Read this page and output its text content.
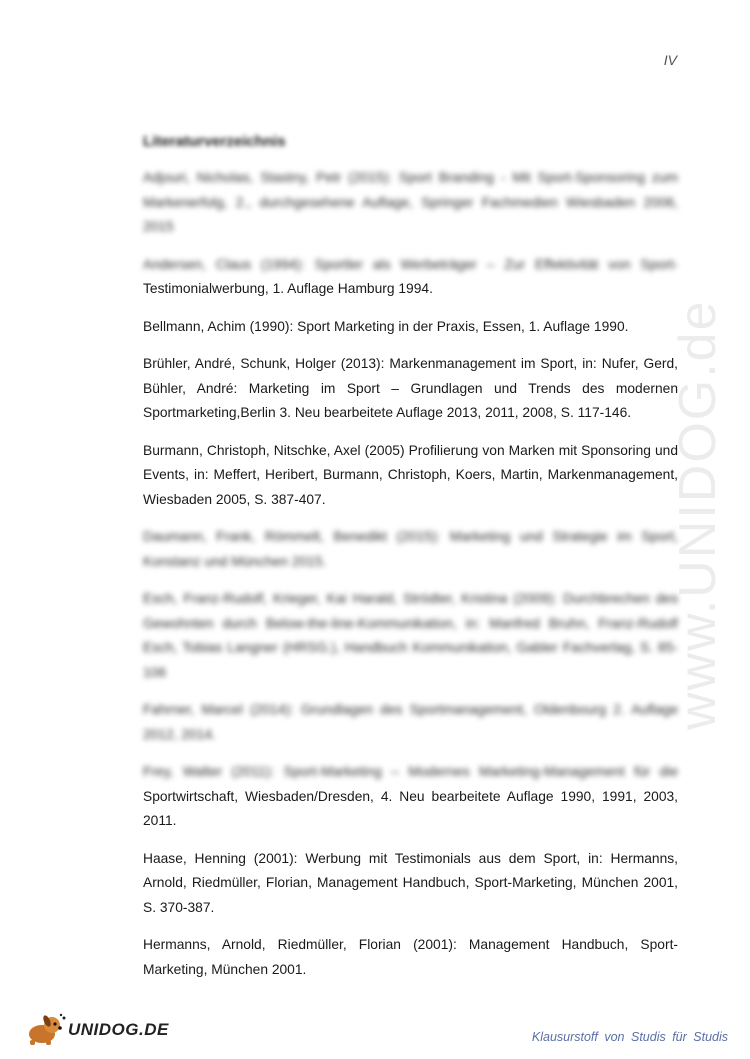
www.UNIDOG.de
IV
Literaturverzeichnis

Adjouri, Nicholas, Stastny, Petr (2015): Sport Branding - Mit Sport-Sponsoring zum Markenerfolg, 2., durchgesehene Auflage, Springer Fachmedien Wiesbaden 2006, 2015

Andersen, Claus (1994): Sportler als Werbeträger – Zur Effektivität von Sport- Testimonialwerbung, 1. Auflage Hamburg 1994.

Bellmann, Achim (1990): Sport Marketing in der Praxis, Essen, 1. Auflage 1990.

Brühler, André, Schunk, Holger (2013): Markenmanagement im Sport, in: Nufer, Gerd, Bühler, André: Marketing im Sport – Grundlagen und Trends des modernen Sportmarketing,Berlin 3. Neu bearbeitete Auflage 2013, 2011, 2008, S. 117-146.

Burmann, Christoph, Nitschke, Axel (2005) Profilierung von Marken mit Sponsoring und Events, in: Meffert, Heribert, Burmann, Christoph, Koers, Martin, Markenmanagement, Wiesbaden 2005, S. 387-407.

Daumann, Frank, Römmelt, Benedikt (2015): Marketing und Strategie im Sport, Konstanz und München 2015.

Esch, Franz-Rudolf, Krieger, Kai Harald, Strödter, Kristina (2009): Durchbrechen des Gewohnten durch Below-the-line-Kommunikation, in: Manfred Bruhn, Franz-Rudolf Esch, Tobias Langner (HRSG.), Handbuch Kommunikation, Gabler Fachverlag, S. 85-106

Fahrner, Marcel (2014): Grundlagen des Sportmanagement, Oldenbourg 2. Auflage 2012, 2014.

Frey, Walter (2011): Sport-Marketing – Modernes Marketing-Management für die Sportwirtschaft, Wiesbaden/Dresden, 4. Neu bearbeitete Auflage 1990, 1991, 2003, 2011.

Haase, Henning (2001): Werbung mit Testimonials aus dem Sport, in: Hermanns, Arnold, Riedmüller, Florian, Management Handbuch, Sport-Marketing, München 2001, S. 370-387.

Hermanns, Arnold, Riedmüller, Florian (2001): Management Handbuch, Sport-Marketing, München 2001.

UNIDOG.DE	Klausurstoff von Studis für Studis
